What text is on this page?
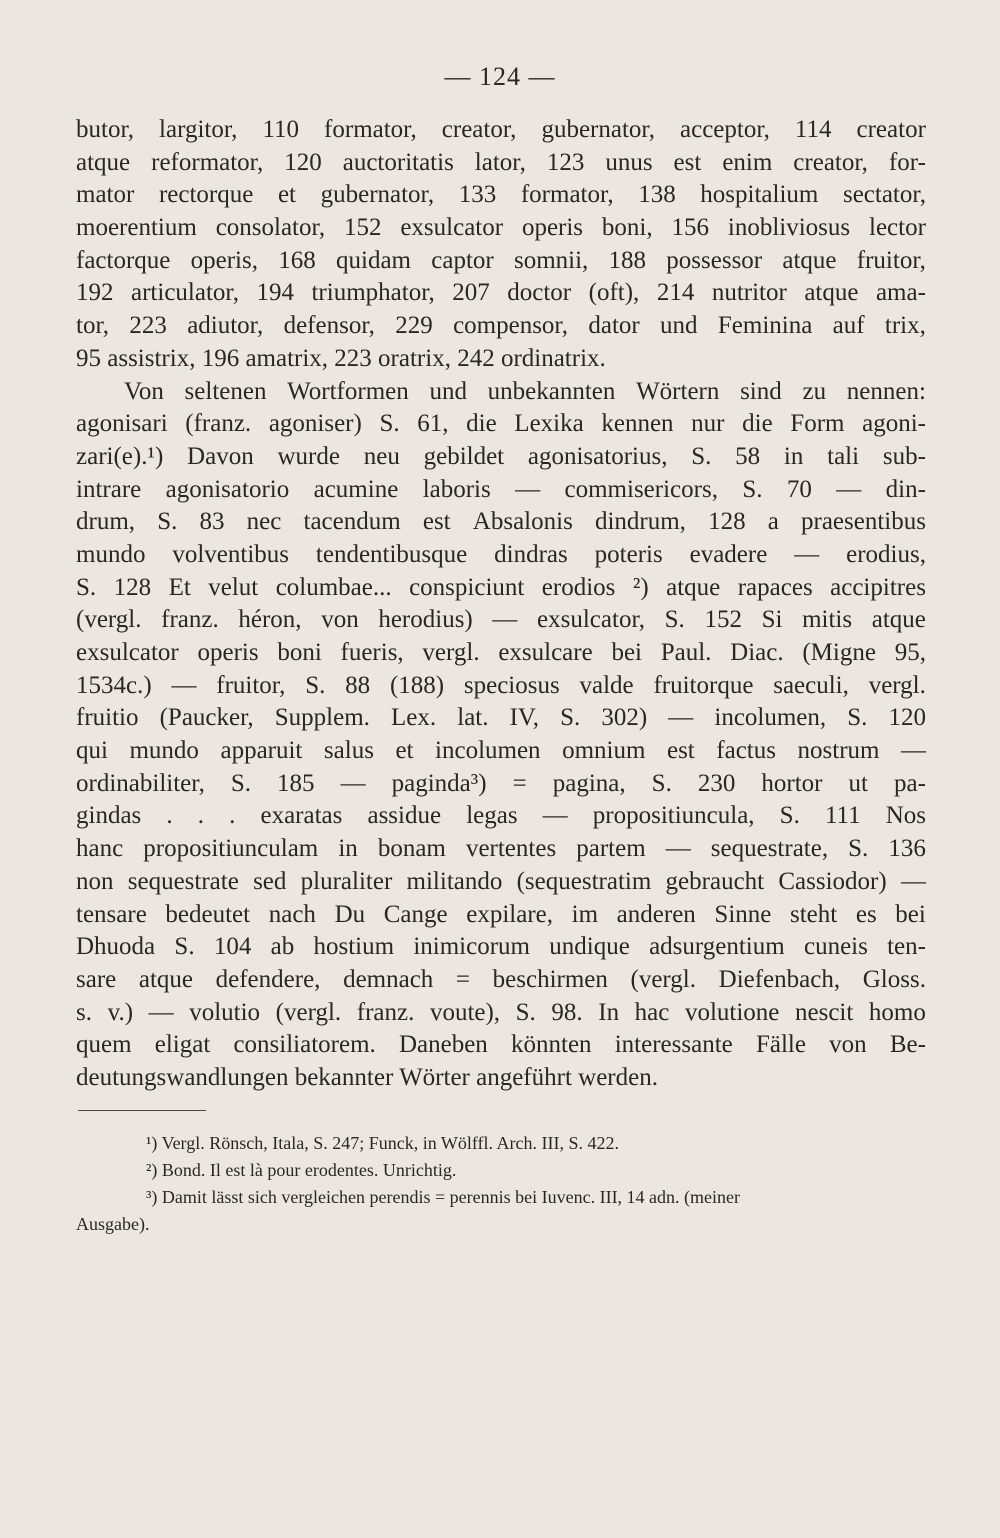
— 124 —
butor, largitor, 110 formator, creator, gubernator, acceptor, 114 creator
atque reformator, 120 auctoritatis lator, 123 unus est enim creator, for-
mator rectorque et gubernator, 133 formator, 138 hospitalium sectator,
moerentium consolator, 152 exsulcator operis boni, 156 inobliviosus lector
factorque operis, 168 quidam captor somnii, 188 possessor atque fruitor,
192 articulator, 194 triumphator, 207 doctor (oft), 214 nutritor atque ama-
tor, 223 adiutor, defensor, 229 compensor, dator und Feminina auf trix,
95 assistrix, 196 amatrix, 223 oratrix, 242 ordinatrix.
Von seltenen Wortformen und unbekannten Wörtern sind zu nennen:
agonisari (franz. agoniser) S. 61, die Lexika kennen nur die Form agoni-
zari(e).¹) Davon wurde neu gebildet agonisatorius, S. 58 in tali sub-
intrare agonisatorio acumine laboris — commisericors, S. 70 — din-
drum, S. 83 nec tacendum est Absalonis dindrum, 128 a praesentibus
mundo volventibus tendentibusque dindras poteris evadere — erodius,
S. 128 Et velut columbae... conspiciunt erodios ²) atque rapaces accipitres
(vergl. franz. héron, von herodius) — exsulcator, S. 152 Si mitis atque
exsulcator operis boni fueris, vergl. exsulcare bei Paul. Diac. (Migne 95,
1534c.) — fruitor, S. 88 (188) speciosus valde fruitorque saeculi, vergl.
fruitio (Paucker, Supplem. Lex. lat. IV, S. 302) — incolumen, S. 120
qui mundo apparuit salus et incolumen omnium est factus nostrum —
ordinabiliter, S. 185 — paginda³) = pagina, S. 230 hortor ut pa-
gindas . . . exaratas assidue legas — propositiuncula, S. 111 Nos
hanc propositiunculam in bonam vertentes partem — sequestrate, S. 136
non sequestrate sed pluraliter militando (sequestratim gebraucht Cassiodor) —
tensare bedeutet nach Du Cange expilare, im anderen Sinne steht es bei
Dhuoda S. 104 ab hostium inimicorum undique adsurgentium cuneis ten-
sare atque defendere, demnach = beschirmen (vergl. Diefenbach, Gloss.
s. v.) — volutio (vergl. franz. voute), S. 98. In hac volutione nescit homo
quem eligat consiliatorem. Daneben könnten interessante Fälle von Be-
deutungswandlungen bekannter Wörter angeführt werden.
¹) Vergl. Rönsch, Itala, S. 247; Funck, in Wölffl. Arch. III, S. 422.
²) Bond. Il est là pour erodentes. Unrichtig.
³) Damit lässt sich vergleichen perendis = perennis bei Iuvenc. III, 14 adn. (meiner
Ausgabe).
